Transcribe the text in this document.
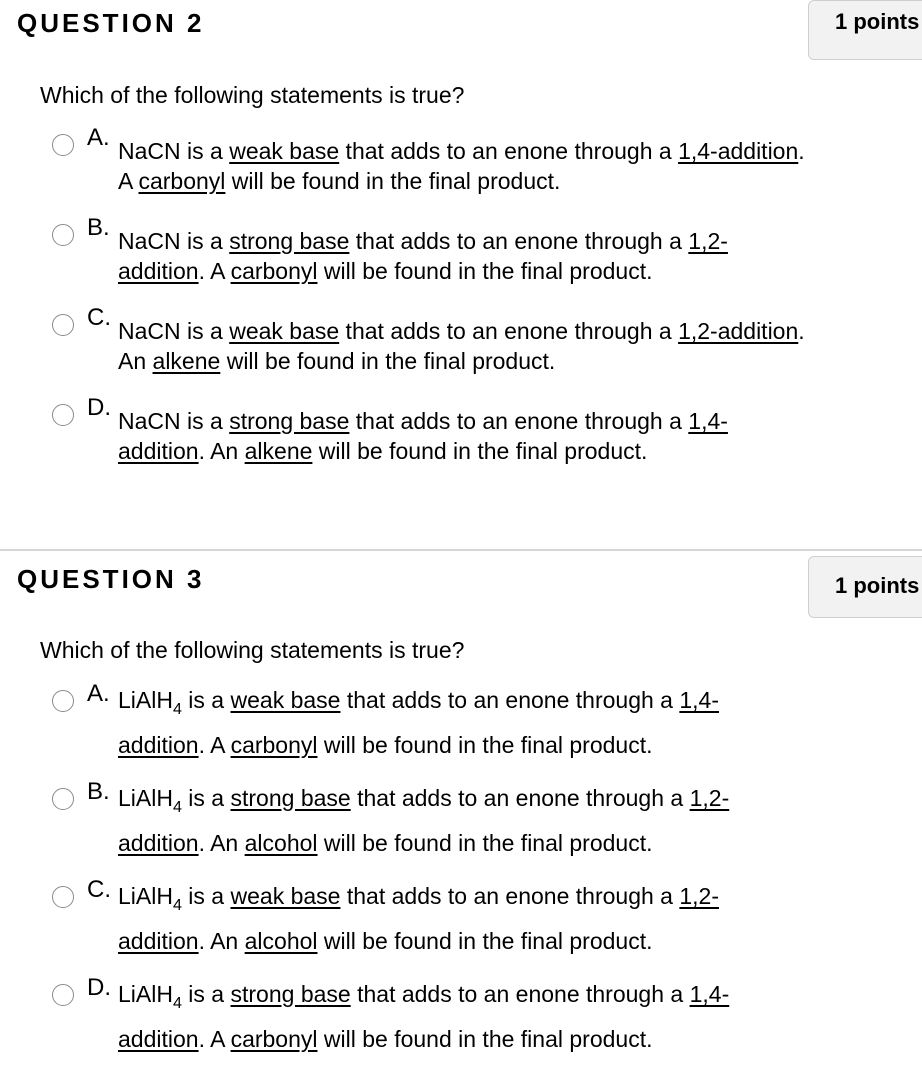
QUESTION 2	1 points
Which of the following statements is true?
A. NaCN is a weak base that adds to an enone through a 1,4-addition.
A carbonyl will be found in the final product.
B. NaCN is a strong base that adds to an enone through a 1,2-
addition. A carbonyl will be found in the final product.
C. NaCN is a weak base that adds to an enone through a 1,2-addition.
An alkene will be found in the final product.
D. NaCN is a strong base that adds to an enone through a 1,4-
addition. An alkene will be found in the final product.
QUESTION 3	1 points
Which of the following statements is true?
A. LiAlH$_4$ is a weak base that adds to an enone through a 1,4-
addition. A carbonyl will be found in the final product.
B. LiAlH$_4$ is a strong base that adds to an enone through a 1,2-
addition. An alcohol will be found in the final product.
C. LiAlH$_4$ is a weak base that adds to an enone through a 1,2-
addition. An alcohol will be found in the final product.
D. LiAlH$_4$ is a strong base that adds to an enone through a 1,4-
addition. A carbonyl will be found in the final product.
